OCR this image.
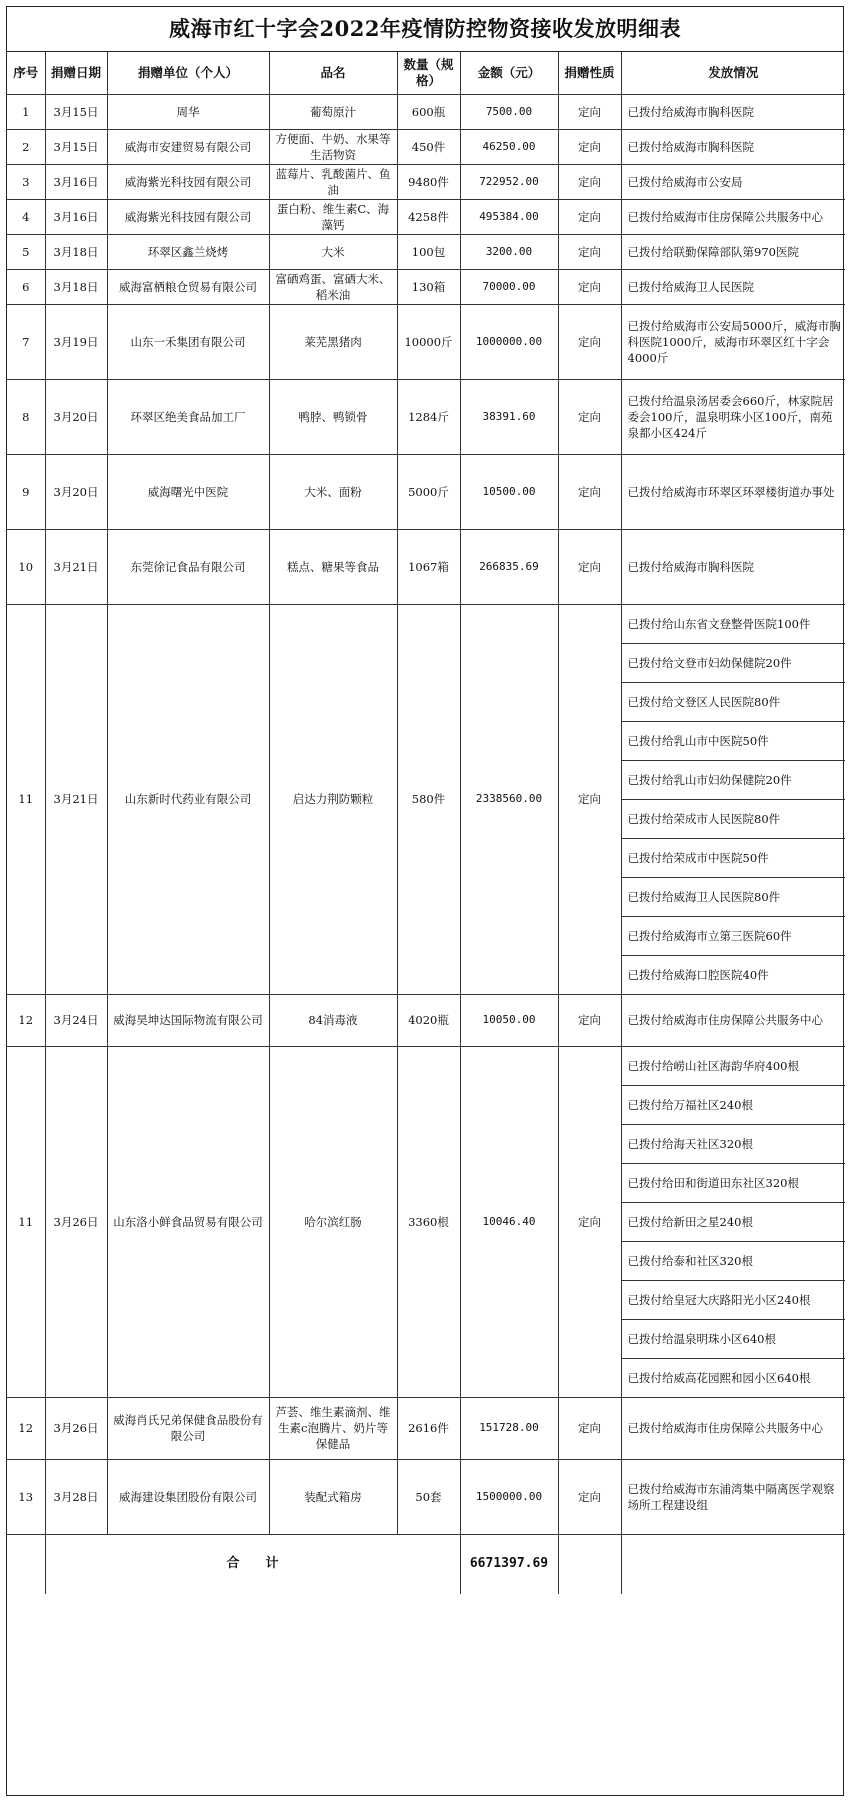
威海市红十字会2022年疫情防控物资接收发放明细表
序号	捐赠日期	捐赠单位（个人）	品名	数量（规格）	金额（元）	捐赠性质	发放情况
1	3月15日	周华	葡萄原汁	600瓶	7500.00	定向	已拨付给威海市胸科医院
2	3月15日	威海市安建贸易有限公司	方便面、牛奶、水果等生活物资	450件	46250.00	定向	已拨付给威海市胸科医院
3	3月16日	威海紫光科技园有限公司	蓝莓片、乳酸菌片、鱼油	9480件	722952.00	定向	已拨付给威海市公安局
4	3月16日	威海紫光科技园有限公司	蛋白粉、维生素C、海藻钙	4258件	495384.00	定向	已拨付给威海市住房保障公共服务中心
5	3月18日	环翠区鑫兰烧烤	大米	100包	3200.00	定向	已拨付给联勤保障部队第970医院
6	3月18日	威海富栖粮仓贸易有限公司	富硒鸡蛋、富硒大米、稻米油	130箱	70000.00	定向	已拨付给威海卫人民医院
7	3月19日	山东一禾集团有限公司	莱芜黑猪肉	10000斤	1000000.00	定向	已拨付给威海市公安局5000斤，威海市胸科医院1000斤，威海市环翠区红十字会4000斤
8	3月20日	环翠区绝美食品加工厂	鸭脖、鸭锁骨	1284斤	38391.60	定向	已拨付给温泉汤居委会660斤，林家院居委会100斤，温泉明珠小区100斤，南苑泉都小区424斤
9	3月20日	威海曙光中医院	大米、面粉	5000斤	10500.00	定向	已拨付给威海市环翠区环翠楼街道办事处
10	3月21日	东莞徐记食品有限公司	糕点、糖果等食品	1067箱	266835.69	定向	已拨付给威海市胸科医院
11	3月21日	山东新时代药业有限公司	启达力荆防颗粒	580件	2338560.00	定向	已拨付给山东省文登整骨医院100件
							已拨付给文登市妇幼保健院20件
							已拨付给文登区人民医院80件
							已拨付给乳山市中医院50件
							已拨付给乳山市妇幼保健院20件
							已拨付给荣成市人民医院80件
							已拨付给荣成市中医院50件
							已拨付给威海卫人民医院80件
							已拨付给威海市立第三医院60件
							已拨付给威海口腔医院40件
12	3月24日	威海昊坤达国际物流有限公司	84消毒液	4020瓶	10050.00	定向	已拨付给威海市住房保障公共服务中心
11	3月26日	山东洛小鲜食品贸易有限公司	哈尔滨红肠	3360根	10046.40	定向	已拨付给崂山社区海韵华府400根
							已拨付给万福社区240根
							已拨付给海天社区320根
							已拨付给田和街道田东社区320根
							已拨付给新田之星240根
							已拨付给泰和社区320根
							已拨付给皇冠大庆路阳光小区240根
							已拨付给温泉明珠小区640根
							已拨付给威高花园熙和园小区640根
12	3月26日	威海肖氏兄弟保健食品股份有限公司	芦荟、维生素滴剂、维生素c泡腾片、奶片等保健品	2616件	151728.00	定向	已拨付给威海市住房保障公共服务中心
13	3月28日	威海建设集团股份有限公司	装配式箱房	50套	1500000.00	定向	已拨付给威海市东浦湾集中隔离医学观察场所工程建设组
	合　　计				6671397.69		
